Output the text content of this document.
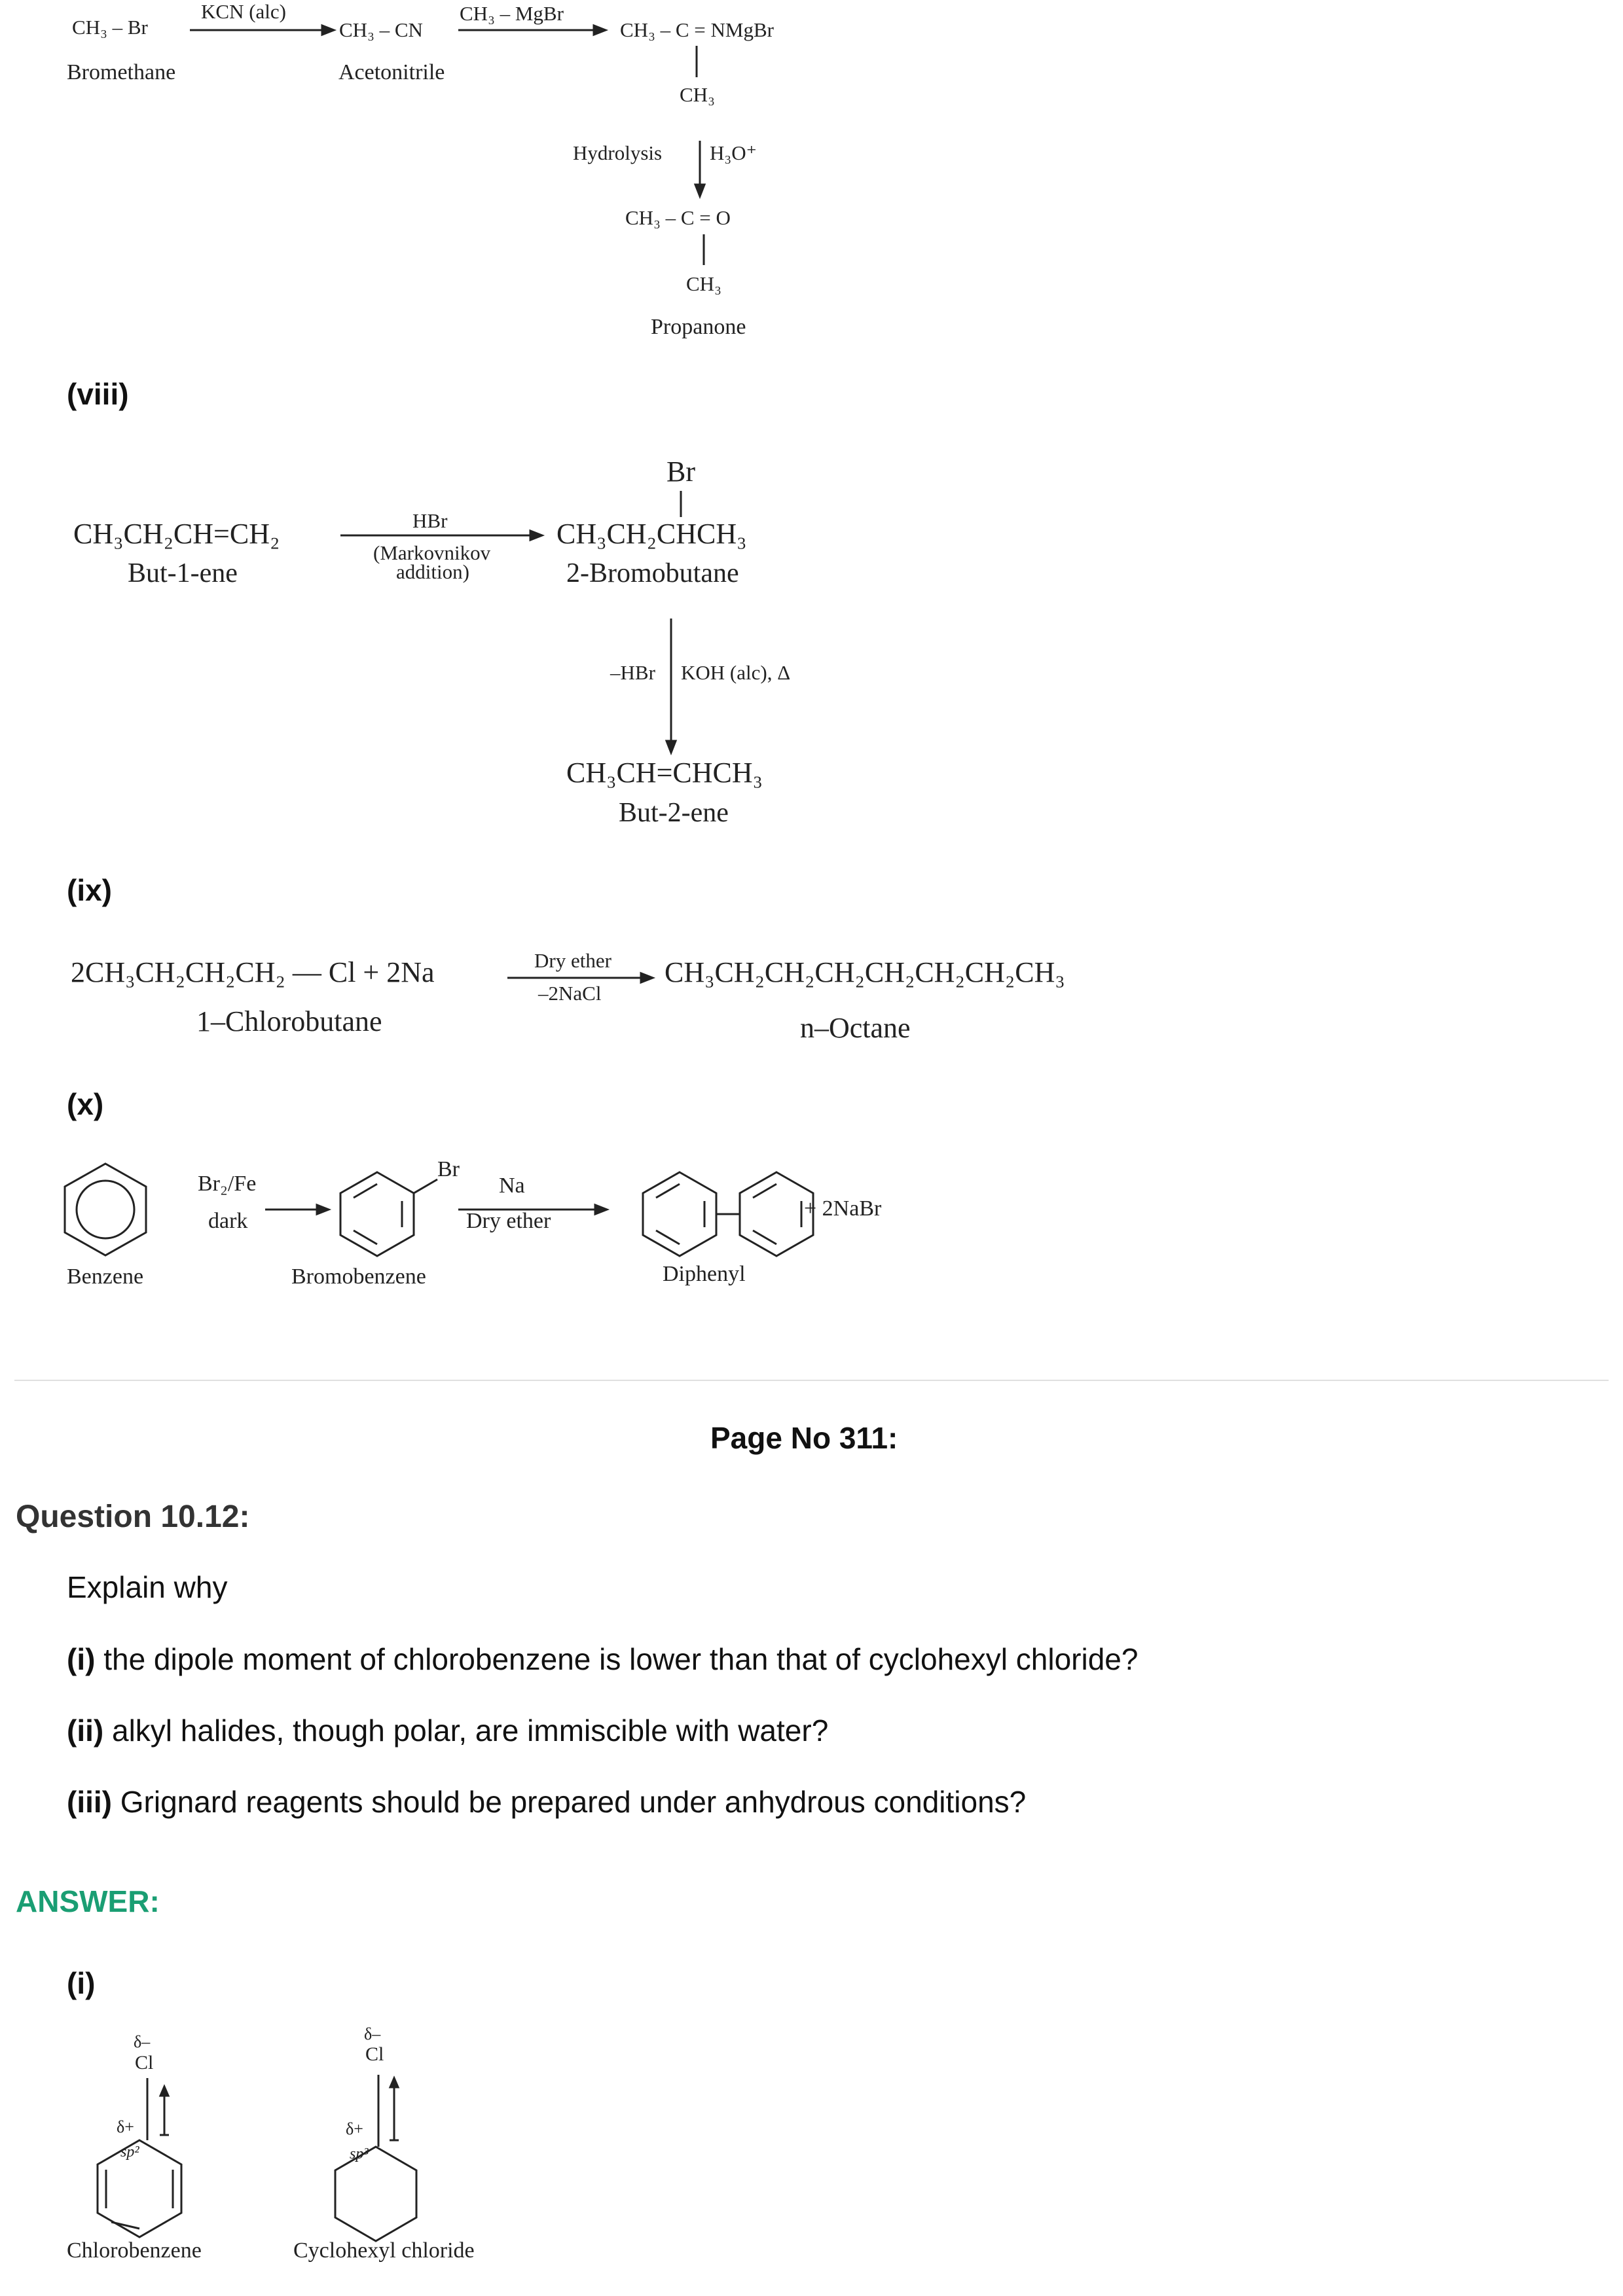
CH₃ – Br
Bromethane
KCN (alc)
CH₃ – CN
Acetonitrile
CH₃ – MgBr
CH₃ – C = NMgBr
CH₃
Hydrolysis H₃O⁺
CH₃ – C = O
CH₃
Propanone
(viii)
CH₃CH₂CH=CH₂
But-1-ene
HBr
(Markovnikov
addition)
Br
CH₃CH₂CHCH₃
2-Bromobutane
–HBr KOH (alc), Δ
CH₃CH=CHCH₃
But-2-ene
(ix)
2CH₃CH₂CH₂CH₂ — Cl + 2Na
1–Chlorobutane
Dry ether
–2NaCl
CH₃CH₂CH₂CH₂CH₂CH₂CH₂CH₃
n–Octane
(x)
Benzene
Br₂/Fe
dark
Br
Bromobenzene
Na
Dry ether
+ 2NaBr
Diphenyl
Page No 311:
Question 10.12:
Explain why
(i) the dipole moment of chlorobenzene is lower than that of cyclohexyl chloride?
(ii) alkyl halides, though polar, are immiscible with water?
(iii) Grignard reagents should be prepared under anhydrous conditions?
ANSWER:
(i)
δ–
Cl
δ+
sp²
Chlorobenzene
δ–
Cl
δ+
sp³
Cyclohexyl chloride
